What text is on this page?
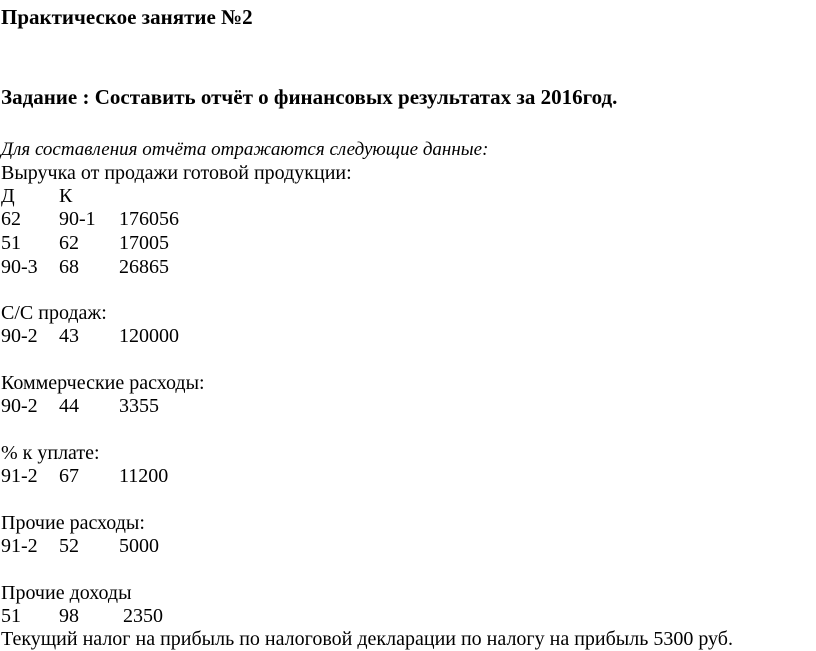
Практическое занятие №2
Задание : Составить отчёт о финансовых результатах за 2016год.
Для составления отчёта отражаются следующие данные:
Выручка от продажи готовой продукции:
Д К
62 90-1 176056
51 62 17005
90-3 68 26865
С/С продаж:
90-2 43 120000
Коммерческие расходы:
90-2 44 3355
% к уплате:
91-2 67 11200
Прочие расходы:
91-2 52 5000
Прочие доходы
51 98 2350
Текущий налог на прибыль по налоговой декларации по налогу на прибыль 5300 руб.
